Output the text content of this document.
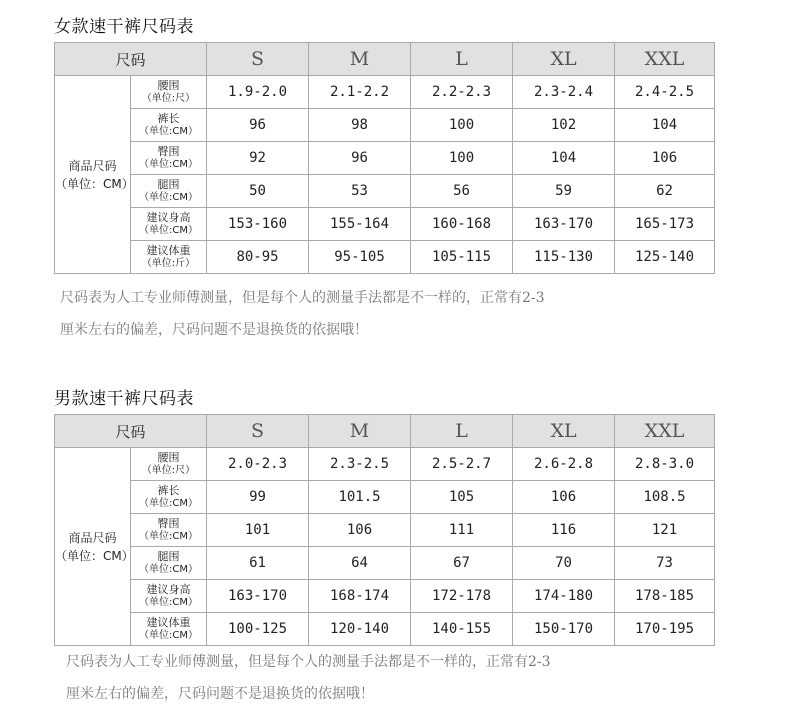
女款速干裤尺码表
尺码		S	M	L	XL	XXL
商品尺码
（单位：CM）	腰围
（单位:尺）	1.9-2.0	2.1-2.2	2.2-2.3	2.3-2.4	2.4-2.5
	裤长
（单位:CM）	96	98	100	102	104
	臀围
（单位:CM）	92	96	100	104	106
	腿围
（单位:CM）	50	53	56	59	62
	建议身高
（单位:CM）	153-160	155-164	160-168	163-170	165-173
	建议体重
（单位:斤）	80-95	95-105	105-115	115-130	125-140
尺码表为人工专业师傅测量，但是每个人的测量手法都是不一样的，正常有2-3
厘米左右的偏差，尺码问题不是退换货的依据哦！
男款速干裤尺码表
尺码		S	M	L	XL	XXL
商品尺码
（单位：CM）	腰围
（单位:尺）	2.0-2.3	2.3-2.5	2.5-2.7	2.6-2.8	2.8-3.0
	裤长
（单位:CM）	99	101.5	105	106	108.5
	臀围
（单位:CM）	101	106	111	116	121
	腿围
（单位:CM）	61	64	67	70	73
	建议身高
（单位:CM）	163-170	168-174	172-178	174-180	178-185
	建议体重
（单位:CM）	100-125	120-140	140-155	150-170	170-195
尺码表为人工专业师傅测量，但是每个人的测量手法都是不一样的，正常有2-3
厘米左右的偏差，尺码问题不是退换货的依据哦！
